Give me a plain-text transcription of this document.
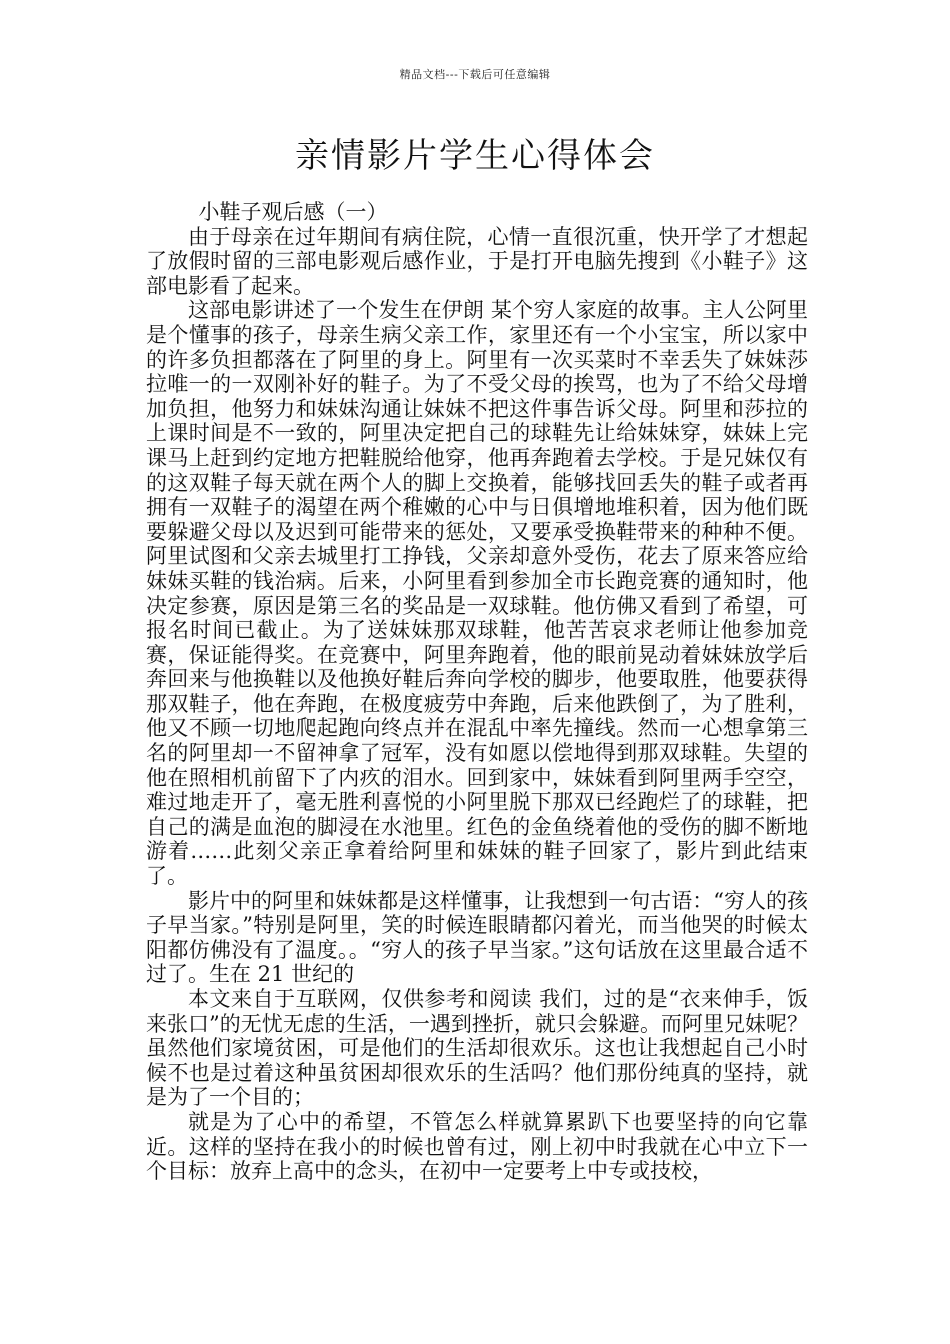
精品文档---下载后可任意编辑
亲情影片学生心得体会

小鞋子观后感（一）

由于母亲在过年期间有病住院，心情一直很沉重，快开学了才想起了放假时留的三部电影观后感作业，于是打开电脑先搜到《小鞋子》这部电影看了起来。

这部电影讲述了一个发生在伊朗 某个穷人家庭的故事。主人公阿里是个懂事的孩子，母亲生病父亲工作，家里还有一个小宝宝，所以家中的许多负担都落在了阿里的身上。阿里有一次买菜时不幸丢失了妹妹莎拉唯一的一双刚补好的鞋子。为了不受父母的挨骂，也为了不给父母增加负担，他努力和妹妹沟通让妹妹不把这件事告诉父母。阿里和莎拉的上课时间是不一致的，阿里决定把自己的球鞋先让给妹妹穿，妹妹上完课马上赶到约定地方把鞋脱给他穿，他再奔跑着去学校。于是兄妹仅有的这双鞋子每天就在两个人的脚上交换着，能够找回丢失的鞋子或者再拥有一双鞋子的渴望在两个稚嫩的心中与日俱增地堆积着，因为他们既要躲避父母以及迟到可能带来的惩处，又要承受换鞋带来的种种不便。阿里试图和父亲去城里打工挣钱，父亲却意外受伤，花去了原来答应给妹妹买鞋的钱治病。后来，小阿里看到参加全市长跑竞赛的通知时，他决定参赛，原因是第三名的奖品是一双球鞋。他仿佛又看到了希望，可报名时间已截止。为了送妹妹那双球鞋，他苦苦哀求老师让他参加竞赛，保证能得奖。在竞赛中，阿里奔跑着，他的眼前晃动着妹妹放学后奔回来与他换鞋以及他换好鞋后奔向学校的脚步，他要取胜，他要获得那双鞋子，他在奔跑，在极度疲劳中奔跑，后来他跌倒了，为了胜利，他又不顾一切地爬起跑向终点并在混乱中率先撞线。然而一心想拿第三名的阿里却一不留神拿了冠军，没有如愿以偿地得到那双球鞋。失望的他在照相机前留下了内疚的泪水。回到家中，妹妹看到阿里两手空空，难过地走开了，毫无胜利喜悦的小阿里脱下那双已经跑烂了的球鞋，把自己的满是血泡的脚浸在水池里。红色的金鱼绕着他的受伤的脚不断地游着……此刻父亲正拿着给阿里和妹妹的鞋子回家了，影片到此结束了。

影片中的阿里和妹妹都是这样懂事，让我想到一句古语：“穷人的孩子早当家。”特别是阿里，笑的时候连眼睛都闪着光，而当他哭的时候太阳都仿佛没有了温度。。“穷人的孩子早当家。”这句话放在这里最合适不过了。生在 21 世纪的

本文来自于互联网，仅供参考和阅读 我们，过的是“衣来伸手，饭来张口”的无忧无虑的生活，一遇到挫折，就只会躲避。而阿里兄妹呢？虽然他们家境贫困，可是他们的生活却很欢乐。这也让我想起自己小时候不也是过着这种虽贫困却很欢乐的生活吗？他们那份纯真的坚持，就是为了一个目的；

就是为了心中的希望，不管怎么样就算累趴下也要坚持的向它靠近。这样的坚持在我小的时候也曾有过，刚上初中时我就在心中立下一个目标：放弃上高中的念头，在初中一定要考上中专或技校，
